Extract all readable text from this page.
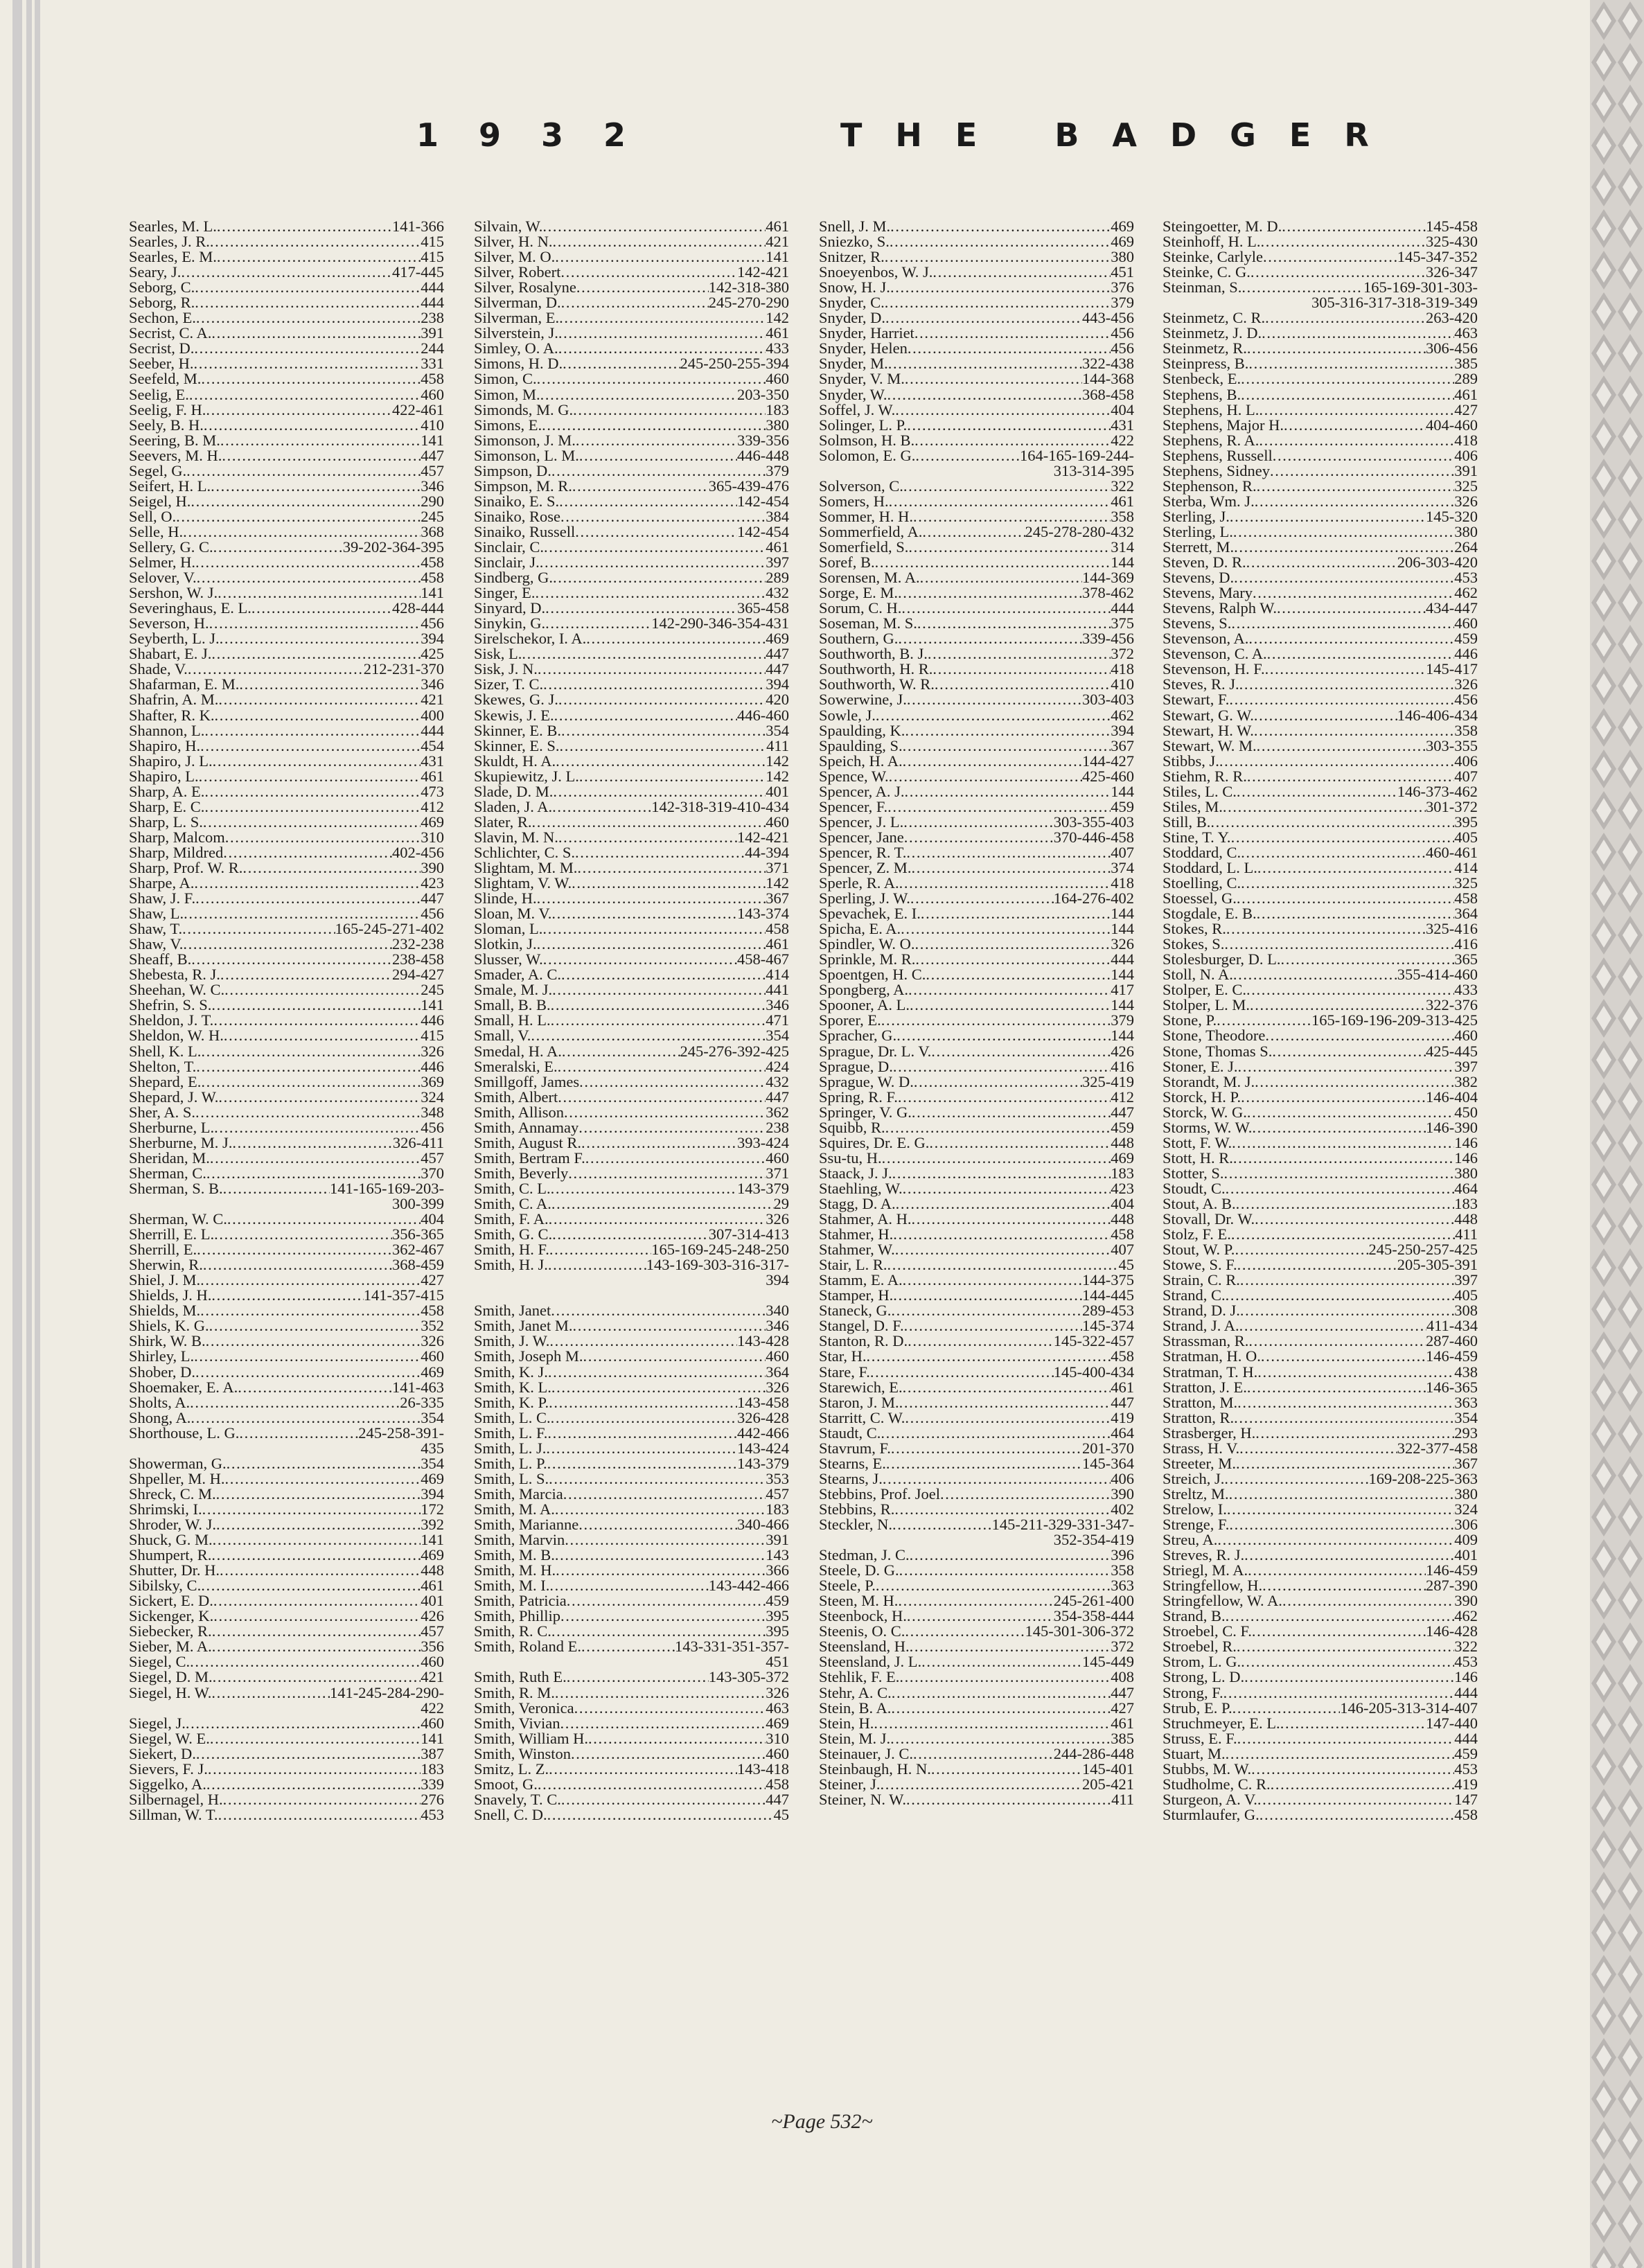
1932	THE BADGER
Searles, M. L. . . .	141-366
Searles, J. R. . . .	415
Searles, E. M. . . .	415
Seary, J. . . .	417-445
Seborg, C. . . .	444
Seborg, R. . . .	444
Sechon, E. . . .	238
Secrist, C. A. . . .	391
Secrist, D. . . .	244
Seeber, H. . . .	331
Seefeld, M. . . .	458
Seelig, E. . . .	460
Seelig, F. H. . . .	422-461
Seely, B. H. . . .	410
Seering, B. M. . . .	141
Seevers, M. H. . . .	447
Segel, G. . . .	457
Seifert, H. L. . . .	346
Seigel, H. . . .	290
Sell, O. . . .	245
Selle, H. . . .	368
Sellery, G. C. . . .	39-202-364-395
Selmer, H. . . .	458
Selover, V. . . .	458
Sershon, W. J. . . .	141
Severinghaus, E. L. . . .	428-444
Severson, H. . . .	456
Seyberth, L. J. . . .	394
Shabart, E. J. . . .	425
Shade, V. . . .	212-231-370
Shafarman, E. M. . . .	346
Shafrin, A. M. . . .	421
Shafter, R. K. . . .	400
Shannon, L. . . .	444
Shapiro, H. . . .	454
Shapiro, J. L. . . .	431
Shapiro, L. . . .	461
Sharp, A. E. . . .	473
Sharp, E. C. . . .	412
Sharp, L. S. . . .	469
Sharp, Malcom . . .	310
Sharp, Mildred . . .	402-456
Sharp, Prof. W. R. . . .	390
Sharpe, A. . . .	423
Shaw, J. F. . . .	447
Shaw, L. . . .	456
Shaw, T. . . .	165-245-271-402
Shaw, V. . . .	232-238
Sheaff, B. . . .	238-458
Shebesta, R. J. . . .	294-427
Sheehan, W. C. . . .	245
Shefrin, S. S. . . .	141
Sheldon, J. T. . . .	446
Sheldon, W. H. . . .	415
Shell, K. L. . . .	326
Shelton, T. . . .	446
Shepard, E. . . .	369
Shepard, J. W. . . .	324
Sher, A. S. . . .	348
Sherburne, L. . . .	456
Sherburne, M. J. . . .	326-411
Sheridan, M. . . .	457
Sherman, C. . . .	370
Sherman, S. B. . . .	141-165-169-203-
300-399
Sherman, W. C. . . .	404
Sherrill, E. L. . . .	356-365
Sherrill, E. . . .	362-467
Sherwin, R. . . .	368-459
Shiel, J. M. . . .	427
Shields, J. H. . . .	141-357-415
Shields, M. . . .	458
Shiels, K. G. . . .	352
Shirk, W. B. . . .	326
Shirley, L. . . .	460
Shober, D. . . .	469
Shoemaker, E. A. . . .	141-463
Sholts, A. . . .	26-335
Shong, A. . . .	354
Shorthouse, L. G. . . .	245-258-391-
435
Showerman, G. . . .	354
Shpeller, M. H. . . .	469
Shreck, C. M. . . .	394
Shrimski, I. . . .	172
Shroder, W. J. . . .	392
Shuck, G. M. . . .	141
Shumpert, R. . . .	469
Shutter, Dr. H. . . .	448
Sibilsky, C. . . .	461
Sickert, E. D. . . .	401
Sickenger, K. . . .	426
Siebecker, R. . . .	457
Sieber, M. A. . . .	356
Siegel, C. . . .	460
Siegel, D. M. . . .	421
Siegel, H. W. . . .	141-245-284-290-
422
Siegel, J. . . .	460
Siegel, W. E. . . .	141
Siekert, D. . . .	387
Sievers, F. J. . . .	183
Siggelko, A. . . .	339
Silbernagel, H. . . .	276
Sillman, W. T. . . .	453
Silvain, W. . . .	461
Silver, H. N. . . .	421
Silver, M. O. . . .	141
Silver, Robert . . .	142-421
Silver, Rosalyne . . .	142-318-380
Silverman, D. . . .	245-270-290
Silverman, E. . . .	142
Silverstein, J. . . .	461
Simley, O. A. . . .	433
Simons, H. D. . . .	245-250-255-394
Simon, C. . . .	460
Simon, M. . . .	203-350
Simonds, M. G. . . .	183
Simons, E. . . .	380
Simonson, J. M. . . .	339-356
Simonson, L. M. . . .	446-448
Simpson, D. . . .	379
Simpson, M. R. . . .	365-439-476
Sinaiko, E. S. . . .	142-454
Sinaiko, Rose . . .	384
Sinaiko, Russell . . .	142-454
Sinclair, C. . . .	461
Sinclair, J. . . .	397
Sindberg, G. . . .	289
Singer, E. . . .	432
Sinyard, D. . . .	365-458
Sinykin, G. . . .	142-290-346-354-431
Sirelschekor, I. A. . . .	469
Sisk, L. . . .	447
Sisk, J. N. . . .	447
Sizer, T. C. . . .	394
Skewes, G. J. . . .	420
Skewis, J. E. . . .	446-460
Skinner, E. B. . . .	354
Skinner, E. S. . . .	411
Skuldt, H. A. . . .	142
Skupiewitz, J. L. . . .	142
Slade, D. M. . . .	401
Sladen, J. A. . . .	142-318-319-410-434
Slater, R. . . .	460
Slavin, M. N. . . .	142-421
Schlichter, C. S. . . .	44-394
Slightam, M. M. . . .	371
Slightam, V. W. . . .	142
Slinde, H. . . .	367
Sloan, M. V. . . .	143-374
Sloman, L. . . .	458
Slotkin, J. . . .	461
Slusser, W. . . .	458-467
Smader, A. C. . . .	414
Smale, M. J. . . .	441
Small, B. B. . . .	346
Small, H. L. . . .	471
Small, V. . . .	354
Smedal, H. A. . . .	245-276-392-425
Smeralski, E. . . .	424
Smillgoff, James . . .	432
Smith, Albert . . .	447
Smith, Allison . . .	362
Smith, Annamay . . .	238
Smith, August R. . . .	393-424
Smith, Bertram F. . . .	460
Smith, Beverly . . .	371
Smith, C. L. . . .	143-379
Smith, C. A. . . .	29
Smith, F. A. . . .	326
Smith, G. C. . . .	307-314-413
Smith, H. F. . . .	165-169-245-248-250
Smith, H. J. . . .	143-169-303-316-317-
394
Smith, Janet . . .	340
Smith, Janet M. . . .	346
Smith, J. W. . . .	143-428
Smith, Joseph M. . . .	460
Smith, K. J. . . .	364
Smith, K. L. . . .	326
Smith, K. P. . . .	143-458
Smith, L. C. . . .	326-428
Smith, L. F. . . .	442-466
Smith, L. J. . . .	143-424
Smith, L. P. . . .	143-379
Smith, L. S. . . .	353
Smith, Marcia . . .	457
Smith, M. A. . . .	183
Smith, Marianne . . .	340-466
Smith, Marvin . . .	391
Smith, M. B. . . .	143
Smith, M. H. . . .	366
Smith, M. I. . . .	143-442-466
Smith, Patricia . . .	459
Smith, Phillip . . .	395
Smith, R. C. . . .	395
Smith, Roland E. . . .	143-331-351-357-
451
Smith, Ruth E. . . .	143-305-372
Smith, R. M. . . .	326
Smith, Veronica . . .	463
Smith, Vivian . . .	469
Smith, William H. . . .	310
Smith, Winston . . .	460
Smitz, L. Z. . . .	143-418
Smoot, G. . . .	458
Snavely, T. C. . . .	447
Snell, C. D. . . .	45
Snell, J. M. . . .	469
Sniezko, S. . . .	469
Snitzer, R. . . .	380
Snoeyenbos, W. J. . . .	451
Snow, H. J. . . .	376
Snyder, C. . . .	379
Snyder, D. . . .	443-456
Snyder, Harriet . . .	456
Snyder, Helen . . .	456
Snyder, M. . . .	322-438
Snyder, V. M. . . .	144-368
Snyder, W. . . .	368-458
Soffel, J. W. . . .	404
Solinger, L. P. . . .	431
Solmson, H. B. . . .	422
Solomon, E. G. . . .	164-165-169-244-
313-314-395
Solverson, C. . . .	322
Somers, H. . . .	461
Sommer, H. H. . . .	358
Sommerfield, A. . . .	245-278-280-432
Somerfield, S. . . .	314
Soref, B. . . .	144
Sorensen, M. A. . . .	144-369
Sorge, E. M. . . .	378-462
Sorum, C. H. . . .	444
Soseman, M. S. . . .	375
Southern, G. . . .	339-456
Southworth, B. J. . . .	372
Southworth, H. R. . . .	418
Southworth, W. R. . . .	410
Sowerwine, J. . . .	303-403
Sowle, J. . . .	462
Spaulding, K. . . .	394
Spaulding, S. . . .	367
Speich, H. A. . . .	144-427
Spence, W. . . .	425-460
Spencer, A. J. . . .	144
Spencer, F. . . .	459
Spencer, J. L. . . .	303-355-403
Spencer, Jane . . .	370-446-458
Spencer, R. T. . . .	407
Spencer, Z. M. . . .	374
Sperle, R. A. . . .	418
Sperling, J. W. . . .	164-276-402
Spevachek, E. I. . . .	144
Spicha, E. A. . . .	144
Spindler, W. O. . . .	326
Sprinkle, M. R. . . .	444
Spoentgen, H. C. . . .	144
Spongberg, A. . . .	417
Spooner, A. L. . . .	144
Sporer, E. . . .	379
Spracher, G. . . .	144
Sprague, Dr. L. V. . . .	426
Sprague, D. . . .	416
Sprague, W. D. . . .	325-419
Spring, R. F. . . .	412
Springer, V. G. . . .	447
Squibb, R. . . .	459
Squires, Dr. E. G. . . .	448
Ssu-tu, H. . . .	469
Staack, J. J. . . .	183
Staehling, W. . . .	423
Stagg, D. A. . . .	404
Stahmer, A. H. . . .	448
Stahmer, H. . . .	458
Stahmer, W. . . .	407
Stair, L. R. . . .	45
Stamm, E. A. . . .	144-375
Stamper, H. . . .	144-445
Staneck, G. . . .	289-453
Stangel, D. F. . . .	145-374
Stanton, R. D. . . .	145-322-457
Star, H. . . .	458
Stare, F. . . .	145-400-434
Starewich, E. . . .	461
Staron, J. M. . . .	447
Starritt, C. W. . . .	419
Staudt, C. . . .	464
Stavrum, F. . . .	201-370
Stearns, E. . . .	145-364
Stearns, J. . . .	406
Stebbins, Prof. Joel . . .	390
Stebbins, R. . . .	402
Steckler, N. . . .	145-211-329-331-347-
352-354-419
Stedman, J. C. . . .	396
Steele, D. G. . . .	358
Steele, P. . . .	363
Steen, M. H. . . .	245-261-400
Steenbock, H. . . .	354-358-444
Steenis, O. C. . . .	145-301-306-372
Steensland, H. . . .	372
Steensland, J. L. . . .	145-449
Stehlik, F. E. . . .	408
Stehr, A. C. . . .	447
Stein, B. A. . . .	427
Stein, H. . . .	461
Stein, M. J. . . .	385
Steinauer, J. C. . . .	244-286-448
Steinbaugh, H. N. . . .	145-401
Steiner, J. . . .	205-421
Steiner, N. W. . . .	411
Steingoetter, M. D. . . .	145-458
Steinhoff, H. L. . . .	325-430
Steinke, Carlyle . . .	145-347-352
Steinke, C. G. . . .	326-347
Steinman, S. . . .	165-169-301-303-
305-316-317-318-319-349
Steinmetz, C. R. . . .	263-420
Steinmetz, J. D. . . .	463
Steinmetz, R. . . .	306-456
Steinpress, B. . . .	385
Stenbeck, E. . . .	289
Stephens, B. . . .	461
Stephens, H. L. . . .	427
Stephens, Major H. . . .	404-460
Stephens, R. A. . . .	418
Stephens, Russell . . .	406
Stephens, Sidney . . .	391
Stephenson, R. . . .	325
Sterba, Wm. J. . . .	326
Sterling, J. . . .	145-320
Sterling, L. . . .	380
Sterrett, M. . . .	264
Steven, D. R. . . .	206-303-420
Stevens, D. . . .	453
Stevens, Mary . . .	462
Stevens, Ralph W. . . .	434-447
Stevens, S. . . .	460
Stevenson, A. . . .	459
Stevenson, C. A. . . .	446
Stevenson, H. F. . . .	145-417
Steves, R. J. . . .	326
Stewart, F. . . .	456
Stewart, G. W. . . .	146-406-434
Stewart, H. W. . . .	358
Stewart, W. M. . . .	303-355
Stibbs, J. . . .	406
Stiehm, R. R. . . .	407
Stiles, L. C. . . .	146-373-462
Stiles, M. . . .	301-372
Still, B. . . .	395
Stine, T. Y. . . .	405
Stoddard, C. . . .	460-461
Stoddard, L. L. . . .	414
Stoelling, C. . . .	325
Stoessel, G. . . .	458
Stogdale, E. B. . . .	364
Stokes, R. . . .	325-416
Stokes, S. . . .	416
Stolesburger, D. L. . . .	365
Stoll, N. A. . . .	355-414-460
Stolper, E. C. . . .	433
Stolper, L. M. . . .	322-376
Stone, P. . . .	165-169-196-209-313-425
Stone, Theodore . . .	460
Stone, Thomas S. . . .	425-445
Stoner, E. J. . . .	397
Storandt, M. J. . . .	382
Storck, H. P. . . .	146-404
Storck, W. G. . . .	450
Storms, W. W. . . .	146-390
Stott, F. W. . . .	146
Stott, H. R. . . .	146
Stotter, S. . . .	380
Stoudt, C. . . .	464
Stout, A. B. . . .	183
Stovall, Dr. W. . . .	448
Stolz, F. E. . . .	411
Stout, W. P. . . .	245-250-257-425
Stowe, S. F. . . .	205-305-391
Strain, C. R. . . .	397
Strand, C. . . .	405
Strand, D. J. . . .	308
Strand, J. A. . . .	411-434
Strassman, R. . . .	287-460
Stratman, H. O. . . .	146-459
Stratman, T. H. . . .	438
Stratton, J. E. . . .	146-365
Stratton, M. . . .	363
Stratton, R. . . .	354
Strasberger, H. . . .	293
Strass, H. V. . . .	322-377-458
Streeter, M. . . .	367
Streich, J. . . .	169-208-225-363
Streltz, M. . . .	380
Strelow, I. . . .	324
Strenge, F. . . .	306
Streu, A. . . .	409
Streves, R. J. . . .	401
Striegl, M. A. . . .	146-459
Stringfellow, H. . . .	287-390
Stringfellow, W. A. . . .	390
Strand, B. . . .	462
Stroebel, C. F. . . .	146-428
Stroebel, R. . . .	322
Strom, L. G. . . .	453
Strong, L. D. . . .	146
Strong, F. . . .	444
Strub, E. P. . . .	146-205-313-314-407
Struchmeyer, E. L. . . .	147-440
Struss, E. F. . . .	444
Stuart, M. . . .	459
Stubbs, M. W. . . .	453
Studholme, C. R. . . .	419
Sturgeon, A. V. . . .	147
Sturmlaufer, G. . . .	458
~Page 532~
